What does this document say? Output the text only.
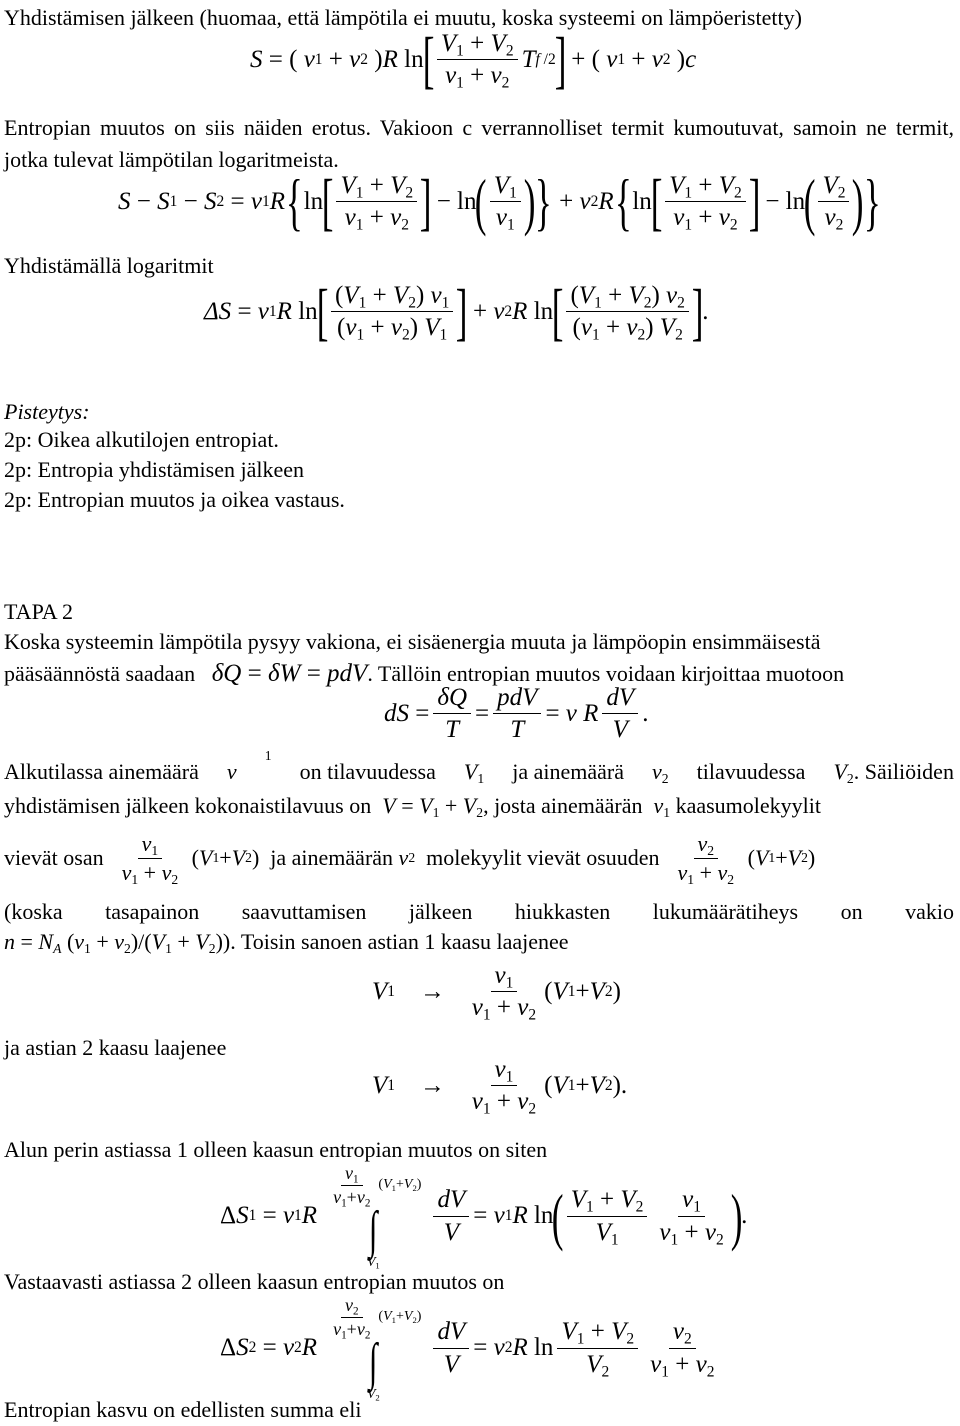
Yhdistämisen jälkeen (huomaa, että lämpötila ei muutu, koska systeemi on lämpöeristetty)
S = ( ν 1 + ν 2 ) R ln
[ $\frac{V_1 + V_2}{\nu_1 + \nu_2}$ T f /2
]
+ ( ν 1 + ν 2 ) c
Entropian muutos on siis näiden erotus. Vakioon c verrannolliset termit kumoutuvat, samoin ne termit, jotka tulevat lämpötilan logaritmeista.
S − S 1 − S 2 = ν 1 R { ln
[ $\frac{V_1 + V_2}{\nu_1 + \nu_2}$ ]
− ln
( $\frac{V_1}{\nu_1}$ ) } + ν 2 R { ln
[ $\frac{V_1 + V_2}{\nu_1 + \nu_2}$ ]
− ln
( $\frac{V_2}{\nu_2}$ ) }
Yhdistämällä logaritmit
ΔS = ν 1 R ln
[ $\frac{(V_1 + V_2) \nu_1}{(\nu_1 + \nu_2) V_1}$ ]
+ ν 2 R ln
[ $\frac{(V_1 + V_2) \nu_2}{(\nu_1 + \nu_2) V_2}$ ]
.
Pisteytys:
2p: Oikea alkutilojen entropiat.
2p: Entropia yhdistämisen jälkeen
2p: Entropian muutos ja oikea vastaus.
TAPA 2
Koska systeemin lämpötila pysyy vakiona, ei sisäenergia muuta ja lämpöopin ensimmäisestä
pääsäännöstä saadaan δQ = δW = pdV. Tällöin entropian muutos voidaan kirjoittaa muotoon
dS = $\frac{\delta Q}{T} = \frac{\text{pdV}}{T} = \nu$ R $\frac{dV}{V}$ .
Alkutilassa ainemäärä ν
1
on tilavuudessa $V_1$ ja ainemäärä $\nu_2$ tilavuudessa $V_2$. Säiliöiden
yhdistämisen jälkeen kokonaistilavuus on $V = V_1 + V_2$, josta ainemäärän $\nu_1$ kaasumolekyylit
vievät osan $\frac{\nu_1}{\nu_1 + \nu_2}$ ( V 1 + V 2 ) ja ainemäärän
ν 2
molekyylit vievät osuuden $\frac{\nu_2}{\nu_1 + \nu_2}$ ( V 1 + V 2 )
(koska tasapainon saavuttamisen jälkeen hiukkasten lukumäärätiheys on vakio
$n = N_A$ $(\nu_1 + \nu_2)/(V_1 + V_2)$). Toisin sanoen astian 1 kaasu laajenee
V $1 \to \frac{\nu_1}{\nu_1 + \nu_2}$ ( V 1 + V 2 )
ja astian 2 kaasu laajenee
V $1 \to \frac{\nu_1}{\nu_1 + \nu_2}$ ( V 1 + V 2 ).
Alun perin astiassa 1 olleen kaasun entropian muutos on siten
Δ S 1 = ν 1 R
$\frac{\nu_1}{\nu_1+\nu_2} (V_1+V_2)$
∫
$V_1$
$\frac{dV}{V} = \nu$ 1 R ln
( $\frac{V_1 + V_2}{V_1} \frac{\nu_1}{\nu_1 + \nu_2}$ )
.
Vastaavasti astiassa 2 olleen kaasun entropian muutos on
Δ S 2 = ν 2 R
$\frac{\nu_2}{\nu_1+\nu_2} (V_1+V_2)$
∫
$V_2$
$\frac{dV}{V} = \nu$ 2 R $\ln \frac{V_1 + V_2}{V_2} \frac{\nu_2}{\nu_1 + \nu_2}$
Entropian kasvu on edellisten summa eli
